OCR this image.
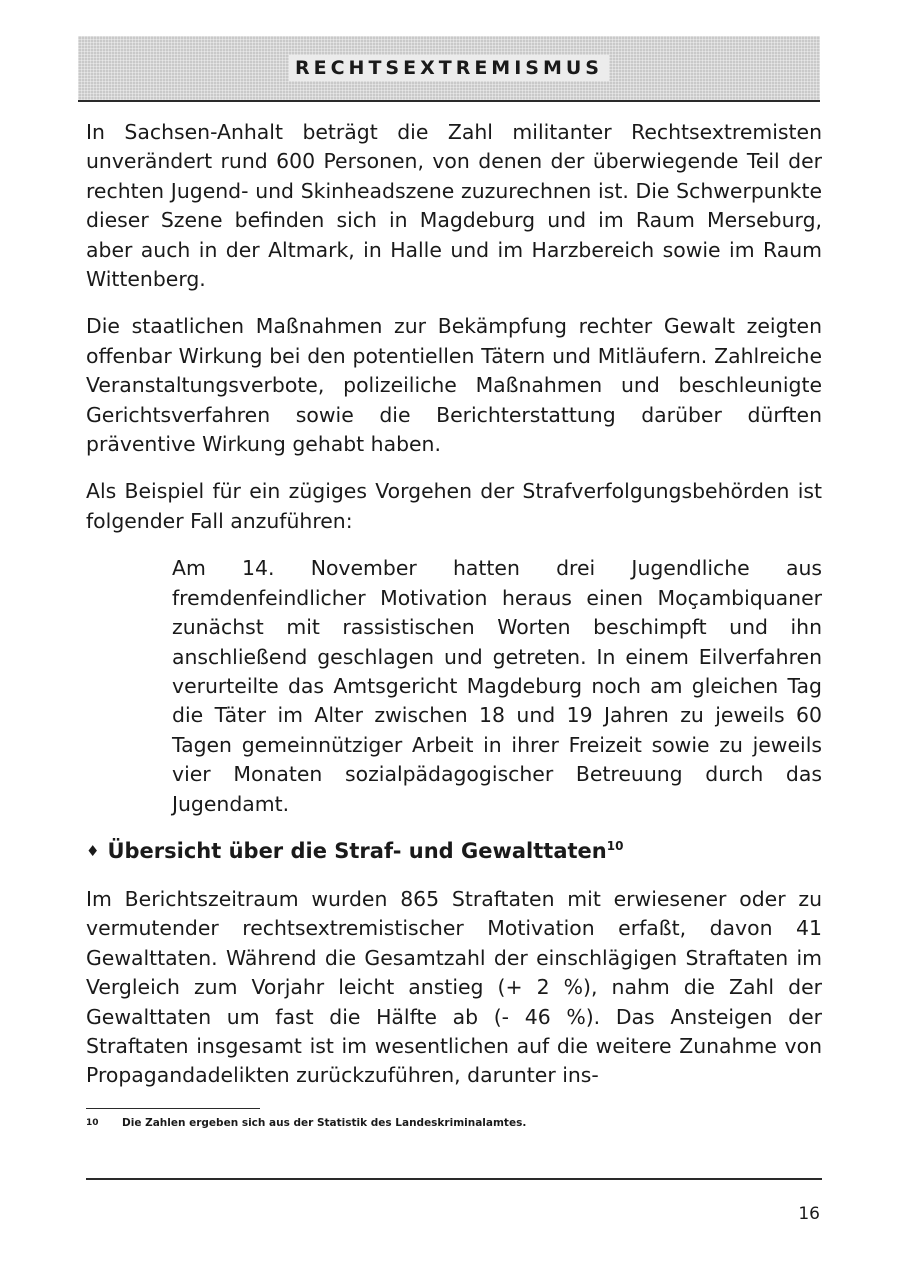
RECHTSEXTREMISMUS

In Sachsen-Anhalt beträgt die Zahl militanter Rechtsextremisten unverändert rund 600 Personen, von denen der überwiegende Teil der rechten Jugend- und Skinheadszene zuzurechnen ist. Die Schwerpunkte dieser Szene befinden sich in Magdeburg und im Raum Merseburg, aber auch in der Altmark, in Halle und im Harzbereich sowie im Raum Wittenberg.

Die staatlichen Maßnahmen zur Bekämpfung rechter Gewalt zeigten offenbar Wirkung bei den potentiellen Tätern und Mitläufern. Zahlreiche Veranstaltungsverbote, polizeiliche Maßnahmen und beschleunigte Gerichtsverfahren sowie die Berichterstattung darüber dürften präventive Wirkung gehabt haben.

Als Beispiel für ein zügiges Vorgehen der Strafverfolgungsbehörden ist folgender Fall anzuführen:

Am 14. November hatten drei Jugendliche aus fremdenfeindlicher Motivation heraus einen Moçambiquaner zunächst mit rassistischen Worten beschimpft und ihn anschließend geschlagen und getreten. In einem Eilverfahren verurteilte das Amtsgericht Magdeburg noch am gleichen Tag die Täter im Alter zwischen 18 und 19 Jahren zu jeweils 60 Tagen gemeinnütziger Arbeit in ihrer Freizeit sowie zu jeweils vier Monaten sozialpädagogischer Betreuung durch das Jugendamt.

♦ Übersicht über die Straf- und Gewalttaten$^{10}$

Im Berichtszeitraum wurden 865 Straftaten mit erwiesener oder zu vermutender rechtsextremistischer Motivation erfaßt, davon 41 Gewalttaten. Während die Gesamtzahl der einschlägigen Straftaten im Vergleich zum Vorjahr leicht anstieg (+ 2 %), nahm die Zahl der Gewalttaten um fast die Hälfte ab (- 46 %). Das Ansteigen der Straftaten insgesamt ist im wesentlichen auf die weitere Zunahme von Propagandadelikten zurückzuführen, darunter ins-

10 Die Zahlen ergeben sich aus der Statistik des Landeskriminalamtes.
16
